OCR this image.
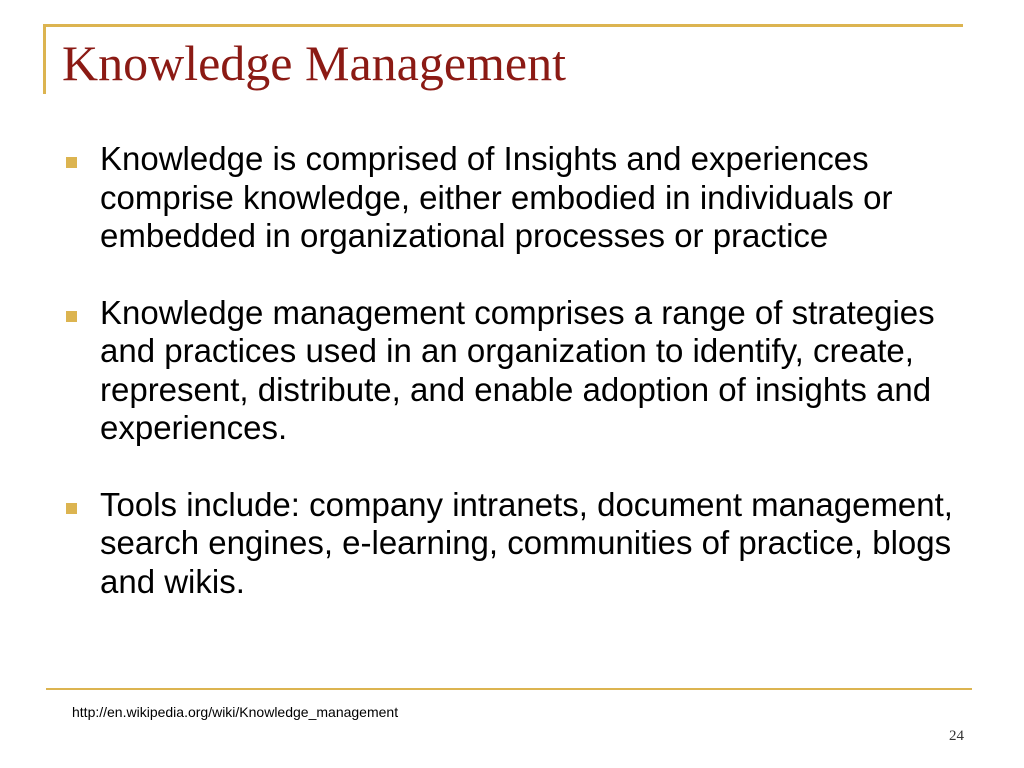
Knowledge Management
Knowledge is comprised of Insights and experiences comprise knowledge, either embodied in individuals or embedded in organizational processes or practice
Knowledge management comprises a range of strategies and practices used in an organization to identify, create, represent, distribute, and enable adoption of insights and experiences.
Tools include: company intranets, document management, search engines, e-learning, communities of practice, blogs and wikis.
http://en.wikipedia.org/wiki/Knowledge_management
24
